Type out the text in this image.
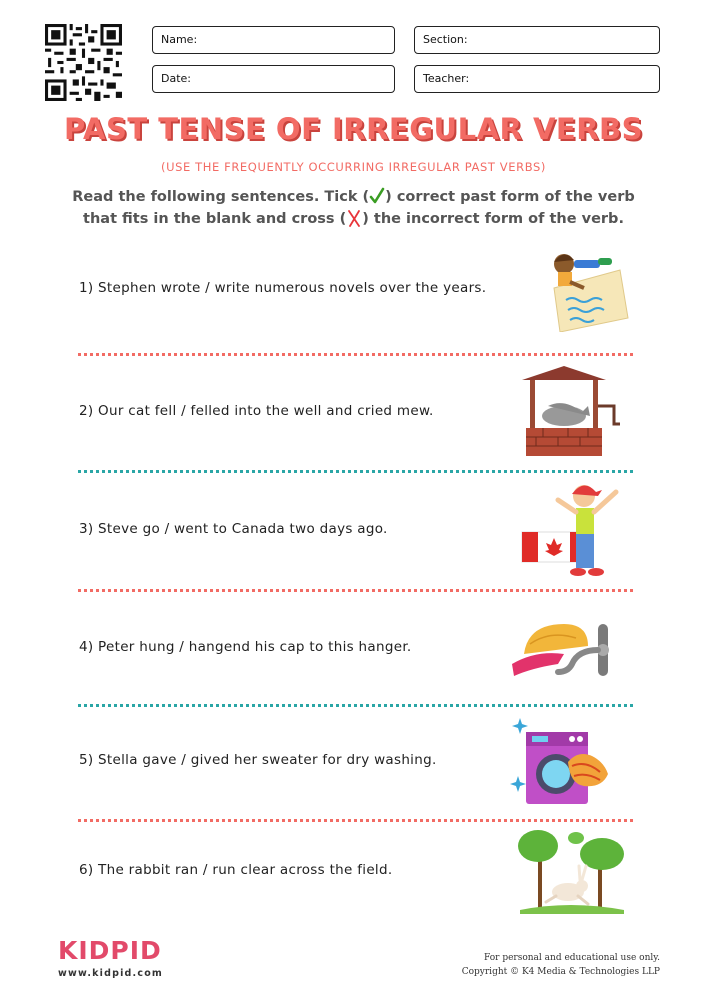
Name:	Section:
Date:	Teacher:
PAST TENSE OF IRREGULAR VERBS
(USE THE FREQUENTLY OCCURRING IRREGULAR PAST VERBS)
Read the following sentences. Tick ( ) correct past form of the verb
that fits in the blank and cross ( ) the incorrect form of the verb.
1) Stephen wrote / write numerous novels over the years.
2) Our cat fell / felled into the well and cried mew.
3) Steve go / went to Canada two days ago.
4) Peter hung / hangend his cap to this hanger.
5) Stella gave / gived her sweater for dry washing.
6) The rabbit ran / run clear across the field.
KIDPID
www.kidpid.com
For personal and educational use only.
Copyright © K4 Media & Technologies LLP
